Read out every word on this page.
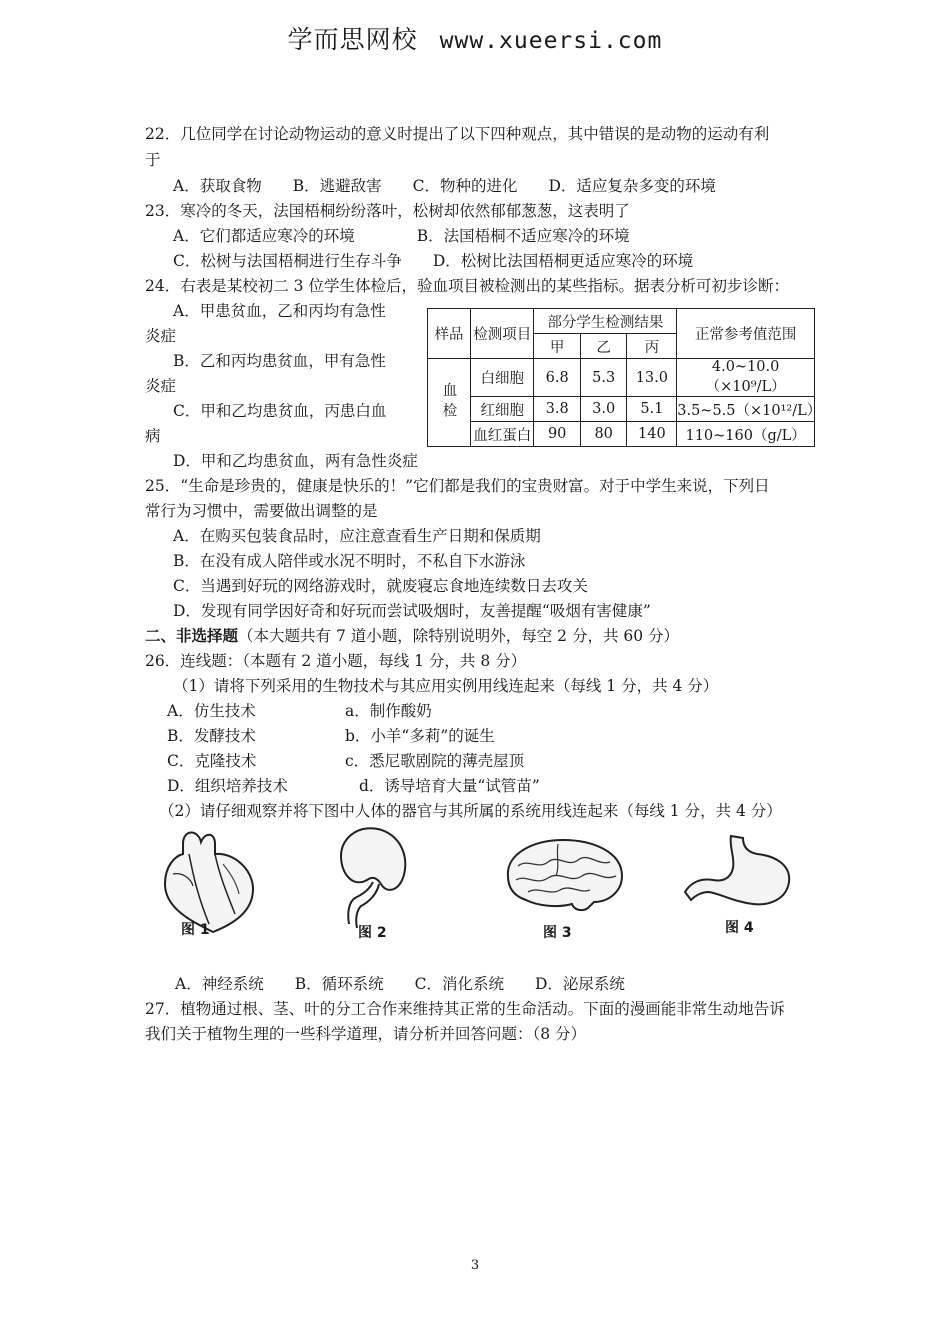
学而思网校 www.xueersi.com
22．几位同学在讨论动物运动的意义时提出了以下四种观点，其中错误的是动物的运动有利
于
A．获取食物　　B．逃避敌害　　C．物种的进化　　D．适应复杂多变的环境
23．寒冷的冬天，法国梧桐纷纷落叶，松树却依然郁郁葱葱，这表明了
A．它们都适应寒冷的环境　　　　B．法国梧桐不适应寒冷的环境
C．松树与法国梧桐进行生存斗争　　D．松树比法国梧桐更适应寒冷的环境
24．右表是某校初二 3 位学生体检后，验血项目被检测出的某些指标。据表分析可初步诊断：
A．甲患贫血，乙和丙均有急性
炎症
B．乙和丙均患贫血，甲有急性
炎症
C．甲和乙均患贫血，丙患白血
病
D．甲和乙均患贫血，两有急性炎症
样品	检测项目	部分学生检测结果			正常参考值范围
		甲	乙	丙	
血检	白细胞	6.8	5.3	13.0	4.0~10.0（×10⁹/L）
	红细胞	3.8	3.0	5.1	3.5~5.5（×10¹²/L）
	血红蛋白	90	80	140	110~160（g/L）
25．“生命是珍贵的，健康是快乐的！”它们都是我们的宝贵财富。对于中学生来说，下列日
常行为习惯中，需要做出调整的是
A．在购买包装食品时，应注意查看生产日期和保质期
B．在没有成人陪伴或水况不明时，不私自下水游泳
C．当遇到好玩的网络游戏时，就废寝忘食地连续数日去攻关
D．发现有同学因好奇和好玩而尝试吸烟时，友善提醒“吸烟有害健康”
二、非选择题（本大题共有 7 道小题，除特别说明外，每空 2 分，共 60 分）
26．连线题：（本题有 2 道小题，每线 1 分，共 8 分）
（1）请将下列采用的生物技术与其应用实例用线连起来（每线 1 分，共 4 分）
A．仿生技术	a．制作酸奶
B．发酵技术	b．小羊“多莉”的诞生
C．克隆技术	c．悉尼歌剧院的薄壳屋顶
D．组织培养技术	d．诱导培育大量“试管苗”
（2）请仔细观察并将下图中人体的器官与其所属的系统用线连起来（每线 1 分，共 4 分）
图 1	图 2	图 3	图 4
A．神经系统　　B．循环系统　　C．消化系统　　D．泌尿系统
27．植物通过根、茎、叶的分工合作来维持其正常的生命活动。下面的漫画能非常生动地告诉
我们关于植物生理的一些科学道理，请分析并回答问题：（8 分）
3
